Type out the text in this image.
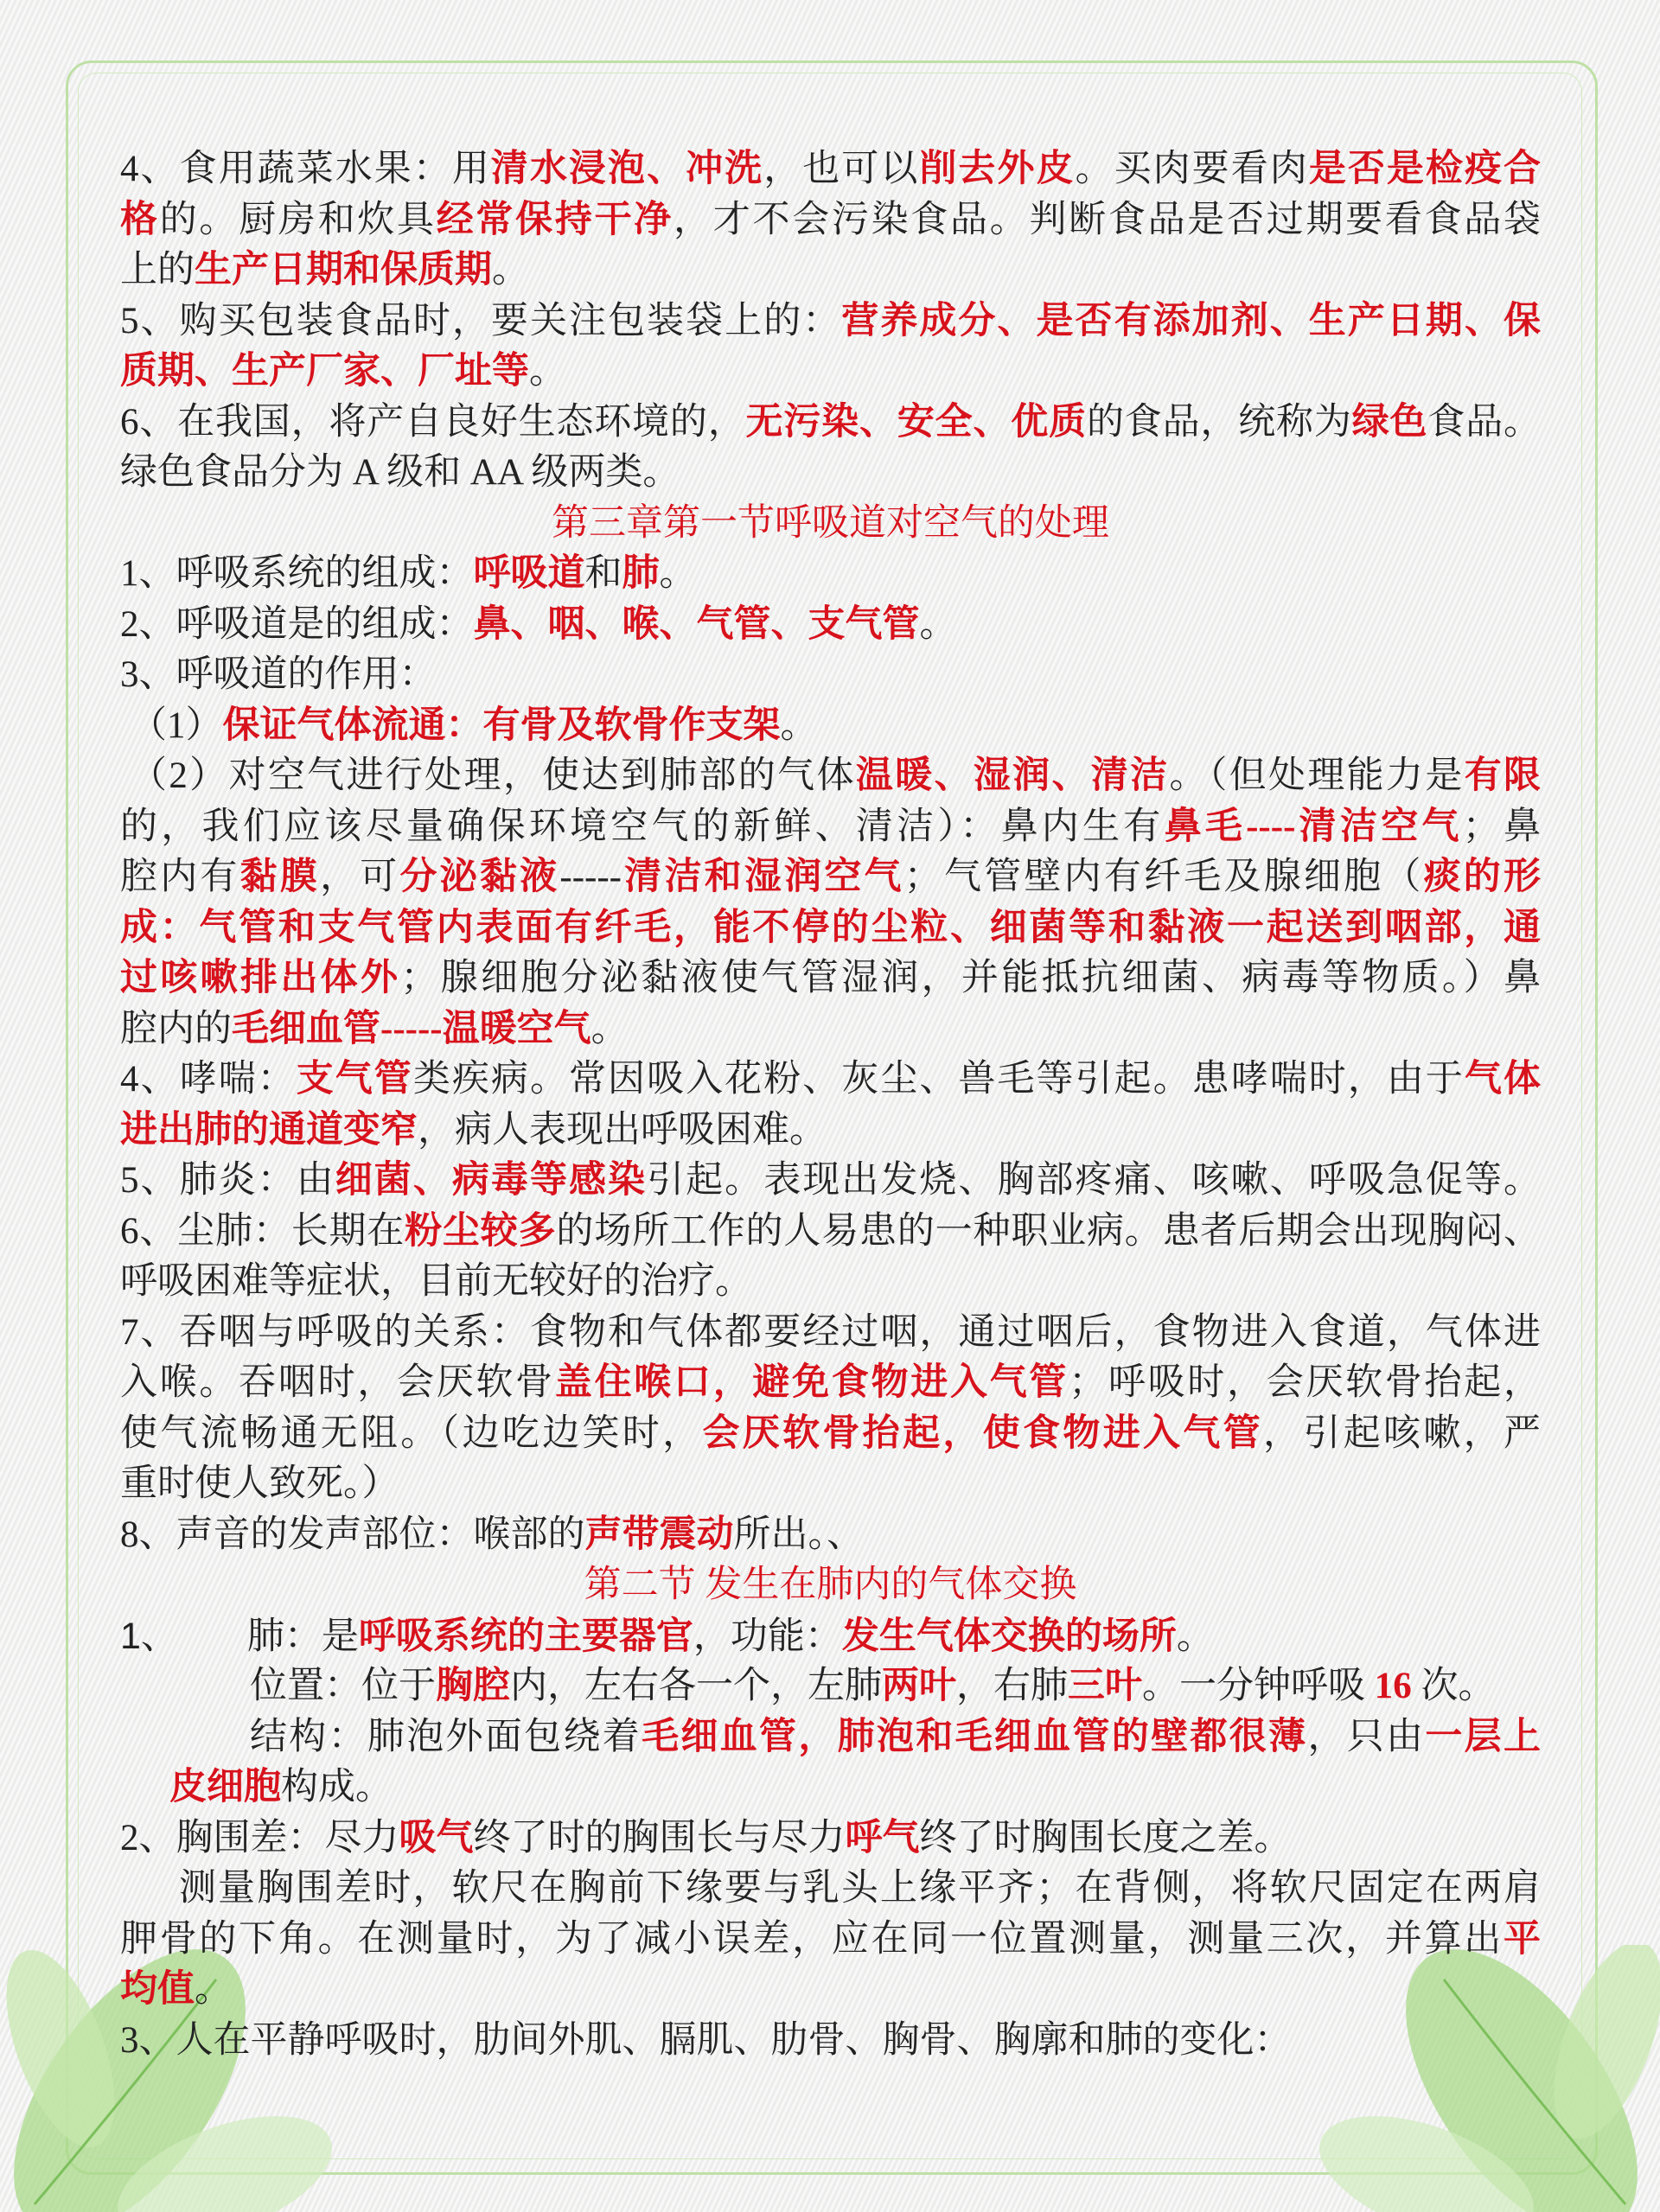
4、食用蔬菜水果：用清水浸泡、冲洗，也可以削去外皮。买肉要看肉是否是检疫合
格的。厨房和炊具经常保持干净，才不会污染食品。判断食品是否过期要看食品袋
上的生产日期和保质期。
5、购买包装食品时，要关注包装袋上的：营养成分、是否有添加剂、生产日期、保
质期、生产厂家、厂址等。
6、在我国，将产自良好生态环境的，无污染、安全、优质的食品，统称为绿色食品。
绿色食品分为 A 级和 AA 级两类。
第三章第一节呼吸道对空气的处理
1、呼吸系统的组成：呼吸道和肺。
2、呼吸道是的组成：鼻、咽、喉、气管、支气管。
3、呼吸道的作用：
（1）保证气体流通：有骨及软骨作支架。
（2）对空气进行处理，使达到肺部的气体温暖、湿润、清洁。（但处理能力是有限
的，我们应该尽量确保环境空气的新鲜、清洁）：鼻内生有鼻毛----清洁空气；鼻
腔内有黏膜，可分泌黏液-----清洁和湿润空气；气管壁内有纤毛及腺细胞（痰的形
成：气管和支气管内表面有纤毛，能不停的尘粒、细菌等和黏液一起送到咽部，通
过咳嗽排出体外；腺细胞分泌黏液使气管湿润，并能抵抗细菌、病毒等物质。）鼻
腔内的毛细血管-----温暖空气。
4、哮喘：支气管类疾病。常因吸入花粉、灰尘、兽毛等引起。患哮喘时，由于气体
进出肺的通道变窄，病人表现出呼吸困难。
5、肺炎：由细菌、病毒等感染引起。表现出发烧、胸部疼痛、咳嗽、呼吸急促等。
6、尘肺：长期在粉尘较多的场所工作的人易患的一种职业病。患者后期会出现胸闷、
呼吸困难等症状，目前无较好的治疗。
7、吞咽与呼吸的关系：食物和气体都要经过咽，通过咽后，食物进入食道，气体进
入喉。吞咽时，会厌软骨盖住喉口，避免食物进入气管；呼吸时，会厌软骨抬起，
使气流畅通无阻。（边吃边笑时，会厌软骨抬起，使食物进入气管，引起咳嗽，严
重时使人致死。）
8、声音的发声部位：喉部的声带震动所出。、
第二节 发生在肺内的气体交换
1、 肺：是呼吸系统的主要器官，功能：发生气体交换的场所。
位置：位于胸腔内，左右各一个，左肺两叶，右肺三叶。一分钟呼吸 16 次。
结构：肺泡外面包绕着毛细血管，肺泡和毛细血管的壁都很薄，只由一层上
皮细胞构成。
2、胸围差：尽力吸气终了时的胸围长与尽力呼气终了时胸围长度之差。
测量胸围差时，软尺在胸前下缘要与乳头上缘平齐；在背侧，将软尺固定在两肩
胛骨的下角。在测量时，为了减小误差，应在同一位置测量，测量三次，并算出平
均值。
3、人在平静呼吸时，肋间外肌、膈肌、肋骨、胸骨、胸廓和肺的变化：
